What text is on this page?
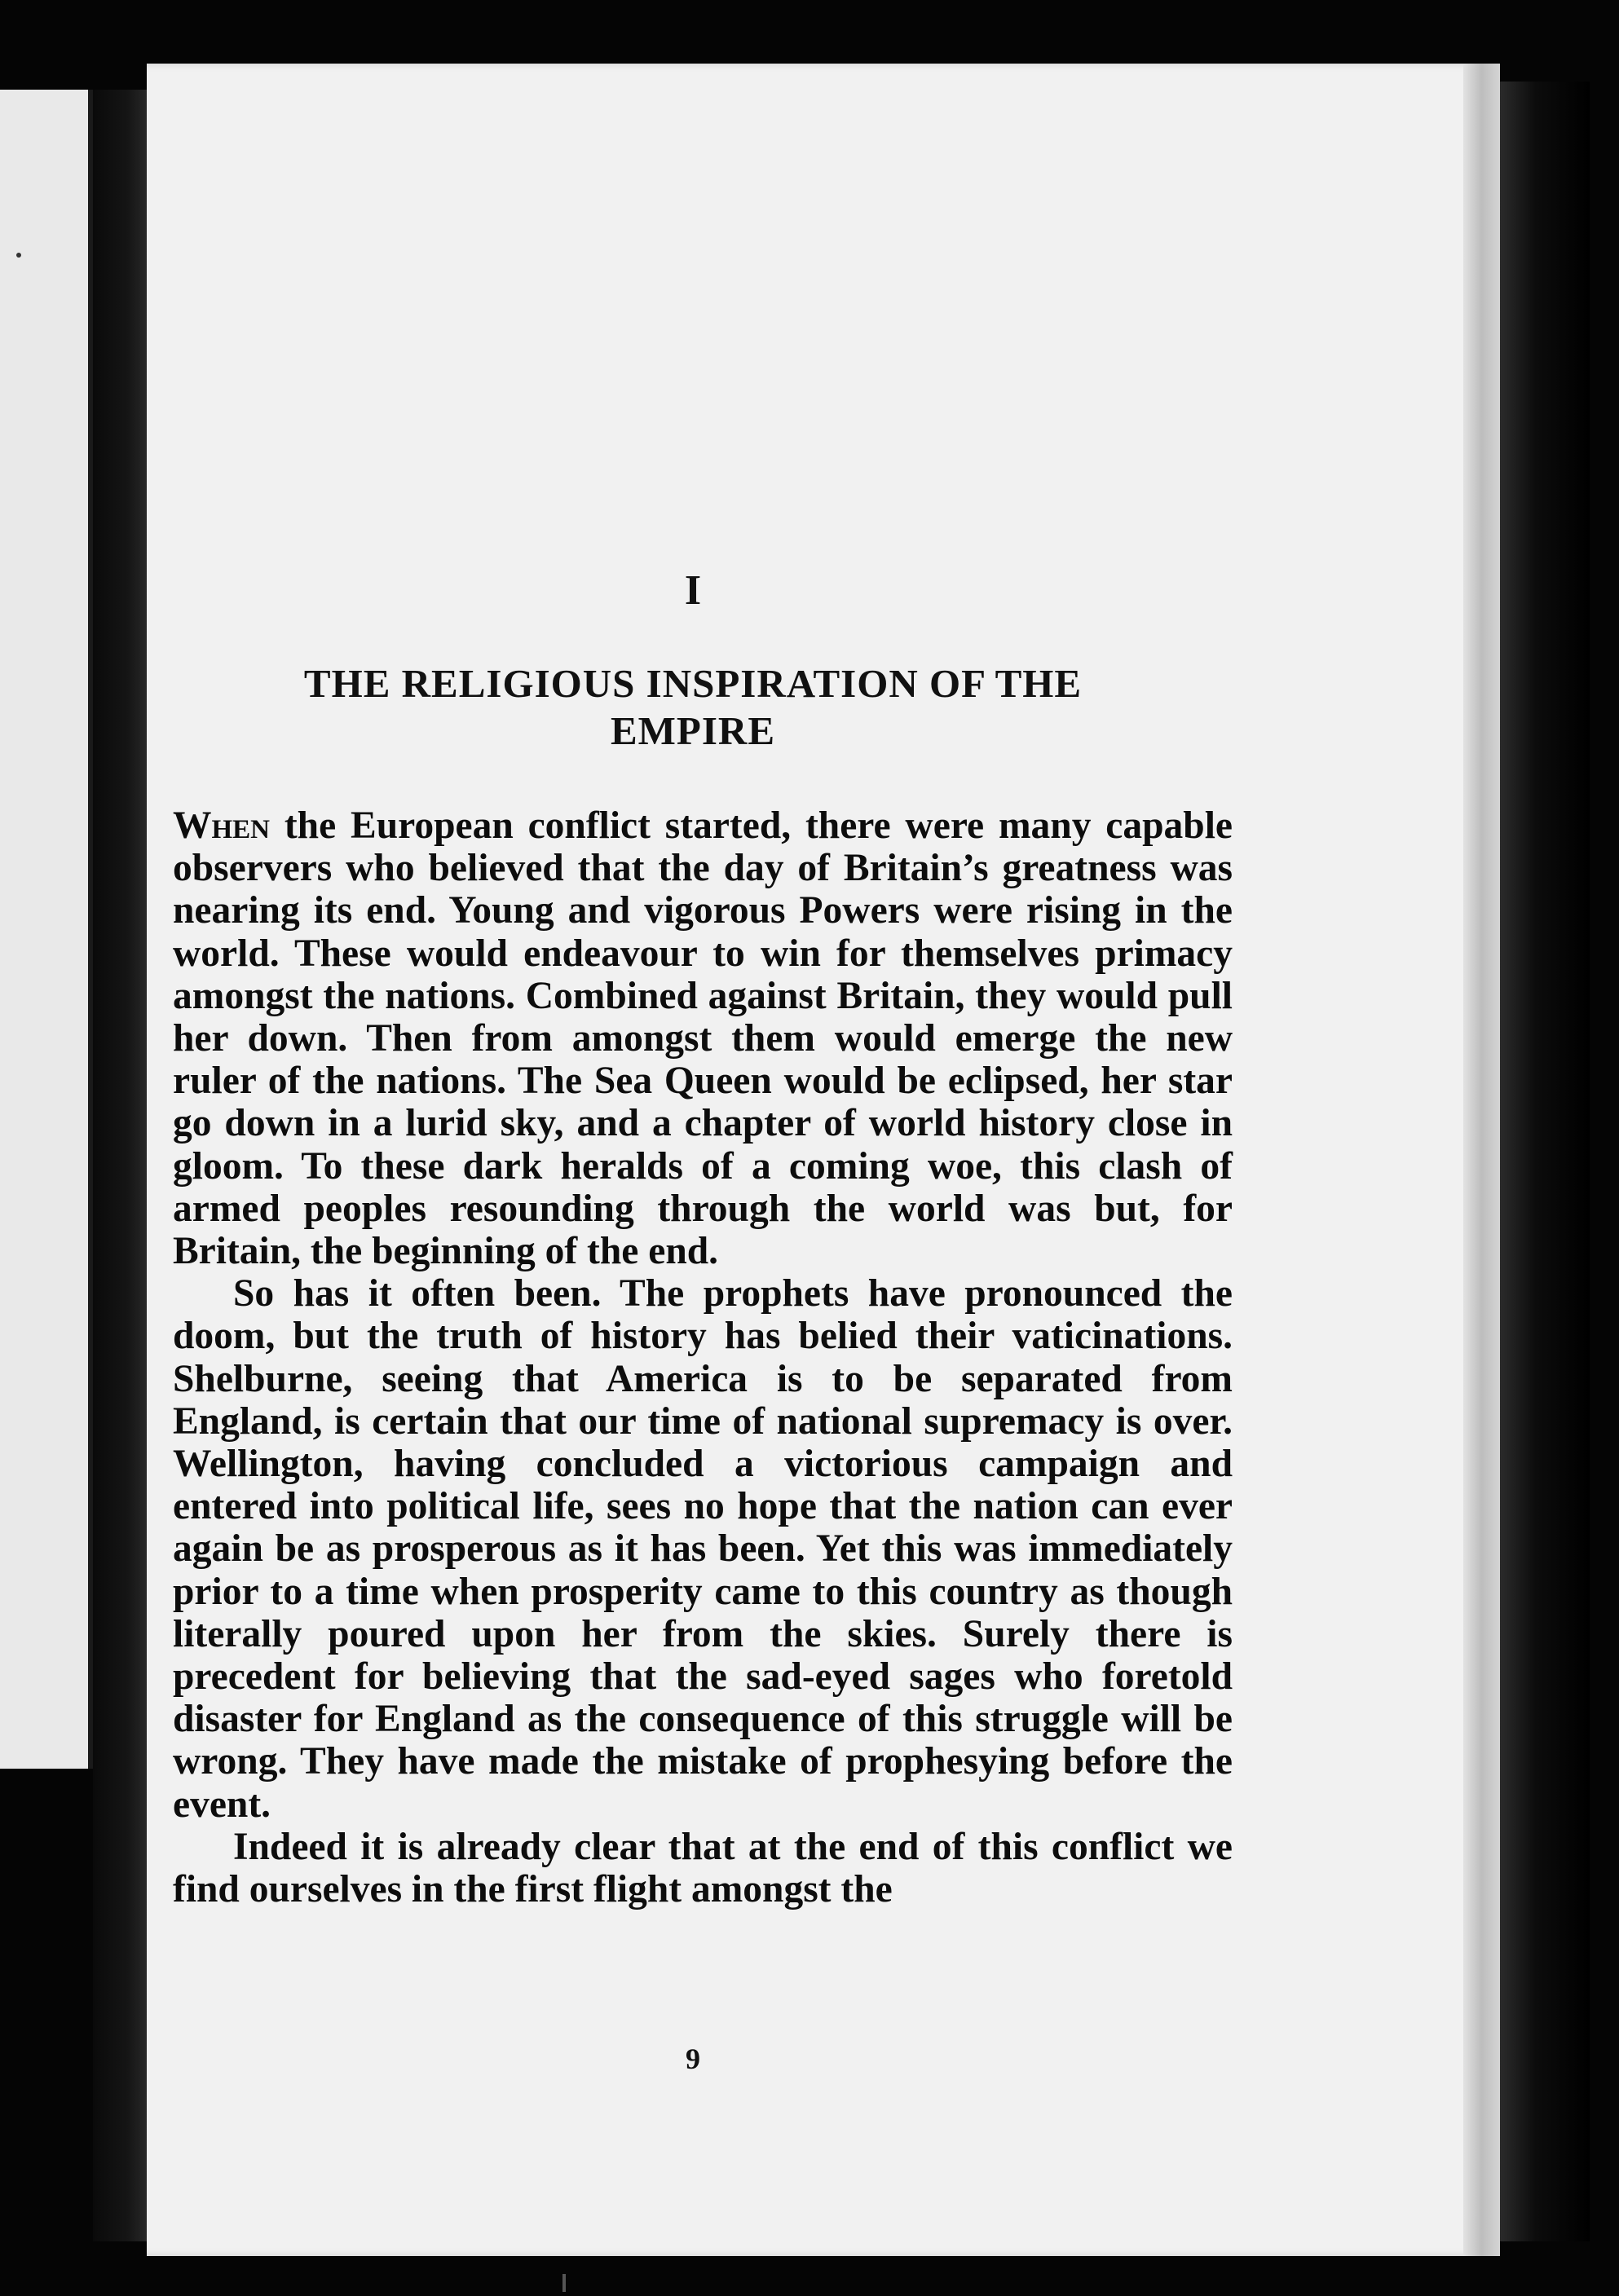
I
THE RELIGIOUS INSPIRATION OF THE
EMPIRE

When the European conflict started, there were many capable observers who believed that the day of Britain’s greatness was nearing its end. Young and vigorous Powers were rising in the world. These would endeavour to win for themselves primacy amongst the nations. Combined against Britain, they would pull her down. Then from amongst them would emerge the new ruler of the nations. The Sea Queen would be eclipsed, her star go down in a lurid sky, and a chapter of world history close in gloom. To these dark heralds of a coming woe, this clash of armed peoples resounding through the world was but, for Britain, the beginning of the end.

So has it often been. The prophets have pronounced the doom, but the truth of history has belied their vaticinations. Shelburne, seeing that America is to be separated from England, is certain that our time of national supremacy is over. Wellington, having concluded a victorious campaign and entered into political life, sees no hope that the nation can ever again be as prosperous as it has been. Yet this was immediately prior to a time when prosperity came to this country as though literally poured upon her from the skies. Surely there is precedent for believing that the sad-eyed sages who foretold disaster for England as the consequence of this struggle will be wrong. They have made the mistake of prophesying before the event.

Indeed it is already clear that at the end of this conflict we find ourselves in the first flight amongst the

9
